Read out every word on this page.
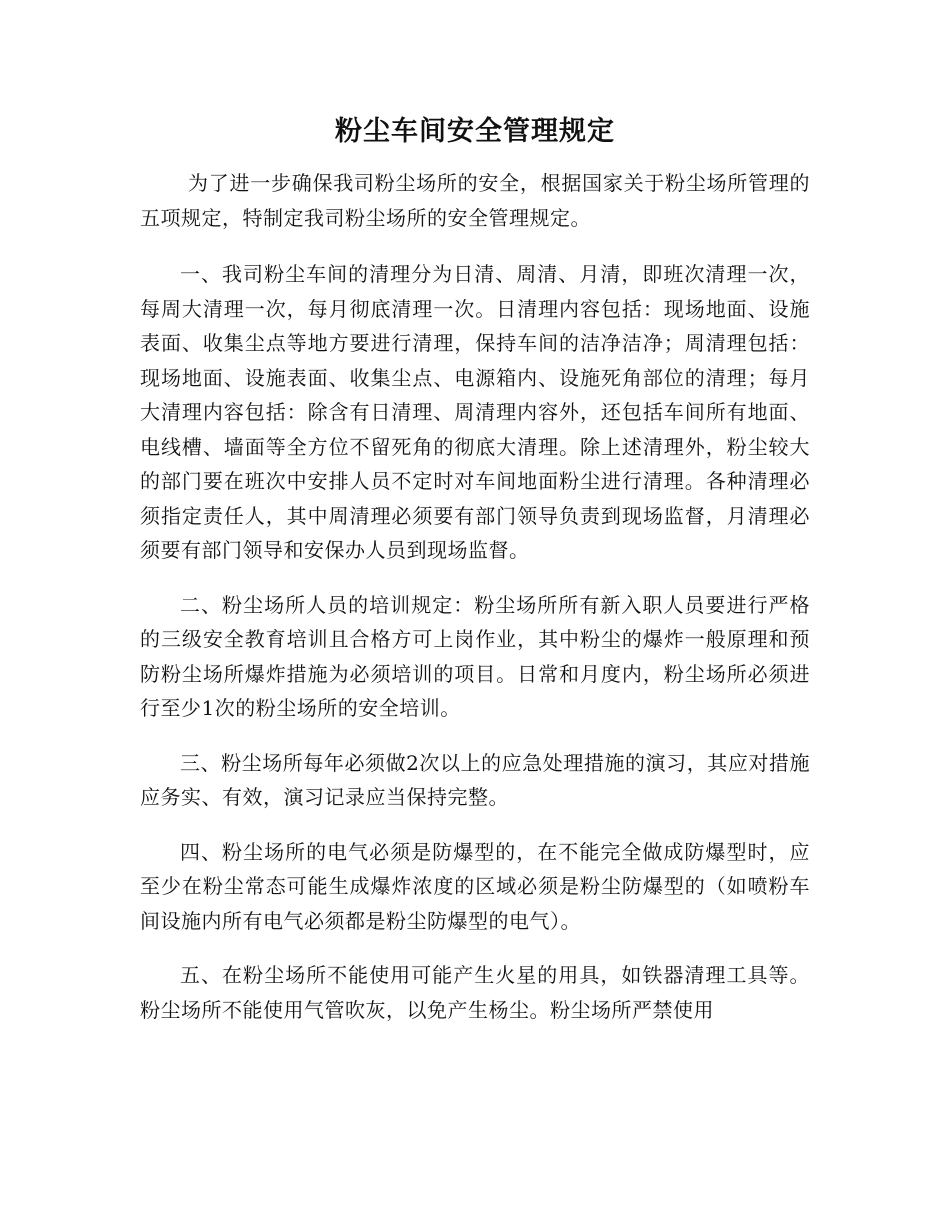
粉尘车间安全管理规定

为了进一步确保我司粉尘场所的安全，根据国家关于粉尘场所管理的五项规定，特制定我司粉尘场所的安全管理规定。

一、我司粉尘车间的清理分为日清、周清、月清，即班次清理一次，每周大清理一次，每月彻底清理一次。日清理内容包括：现场地面、设施表面、收集尘点等地方要进行清理，保持车间的洁净洁净；周清理包括：现场地面、设施表面、收集尘点、电源箱内、设施死角部位的清理；每月大清理内容包括：除含有日清理、周清理内容外，还包括车间所有地面、电线槽、墙面等全方位不留死角的彻底大清理。除上述清理外，粉尘较大的部门要在班次中安排人员不定时对车间地面粉尘进行清理。各种清理必须指定责任人，其中周清理必须要有部门领导负责到现场监督，月清理必须要有部门领导和安保办人员到现场监督。

二、粉尘场所人员的培训规定：粉尘场所所有新入职人员要进行严格的三级安全教育培训且合格方可上岗作业，其中粉尘的爆炸一般原理和预防粉尘场所爆炸措施为必须培训的项目。日常和月度内，粉尘场所必须进行至少1次的粉尘场所的安全培训。

三、粉尘场所每年必须做2次以上的应急处理措施的演习，其应对措施应务实、有效，演习记录应当保持完整。

四、粉尘场所的电气必须是防爆型的，在不能完全做成防爆型时，应至少在粉尘常态可能生成爆炸浓度的区域必须是粉尘防爆型的（如喷粉车间设施内所有电气必须都是粉尘防爆型的电气）。

五、在粉尘场所不能使用可能产生火星的用具，如铁器清理工具等。粉尘场所不能使用气管吹灰，以免产生杨尘。粉尘场所严禁使用
